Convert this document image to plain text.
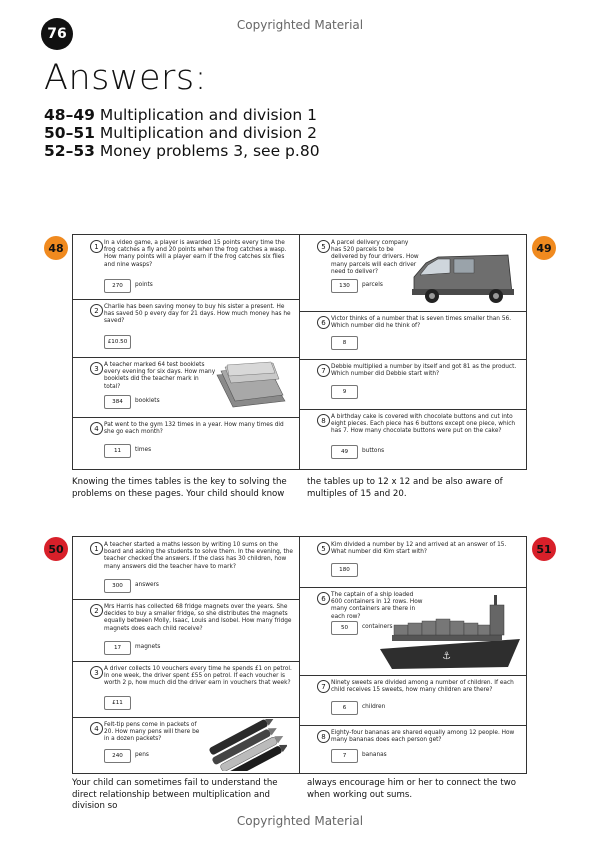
76
Copyrighted Material
Answers:
48–49 Multiplication and division 1
50–51 Multiplication and division 2
52–53 Money problems 3, see p.80
48	49
1 In a video game, a player is awarded 15 points every time the frog catches a fly and 20 points when the frog catches a wasp. How many points will a player earn if the frog catches six flies and nine wasps?
270	points
2 Charlie has been saving money to buy his sister a present. He has saved 50 p every day for 21 days. How much money has he saved?
£10.50
3 A teacher marked 64 test booklets every evening for six days. How many booklets did the teacher mark in total?
384	booklets
4 Pat went to the gym 132 times in a year. How many times did she go each month?
11	times
5 A parcel delivery company has 520 parcels to be delivered by four drivers. How many parcels will each driver need to deliver?
130	parcels
6 Victor thinks of a number that is seven times smaller than 56. Which number did he think of?
8
7 Debbie multiplied a number by itself and got 81 as the product. Which number did Debbie start with?
9
8 A birthday cake is covered with chocolate buttons and cut into eight pieces. Each piece has 6 buttons except one piece, which has 7. How many chocolate buttons were put on the cake?
49	buttons
Knowing the times tables is the key to solving the problems on these pages. Your child should know
the tables up to 12 x 12 and be also aware of multiples of 15 and 20.
50	51
1 A teacher started a maths lesson by writing 10 sums on the board and asking the students to solve them. In the evening, the teacher checked the answers. If the class has 30 children, how many answers did the teacher have to mark?
300	answers
2 Mrs Harris has collected 68 fridge magnets over the years. She decides to buy a smaller fridge, so she distributes the magnets equally between Molly, Isaac, Louis and Isobel. How many fridge magnets does each child receive?
17	magnets
3 A driver collects 10 vouchers every time he spends £1 on petrol. In one week, the driver spent £55 on petrol. If each voucher is worth 2 p, how much did the driver earn in vouchers that week?
£11
4 Felt-tip pens come in packets of 20. How many pens will there be in a dozen packets?
240	pens
5 Kim divided a number by 12 and arrived at an answer of 15. What number did Kim start with?
180
6 The captain of a ship loaded 600 containers in 12 rows. How many containers are there in each row?
50	containers
⚓
7 Ninety sweets are divided among a number of children. If each child receives 15 sweets, how many children are there?
6	children
8 Eighty-four bananas are shared equally among 12 people. How many bananas does each person get?
7	bananas
Your child can sometimes fail to understand the direct relationship between multiplication and division so
always encourage him or her to connect the two when working out sums.
Copyrighted Material
